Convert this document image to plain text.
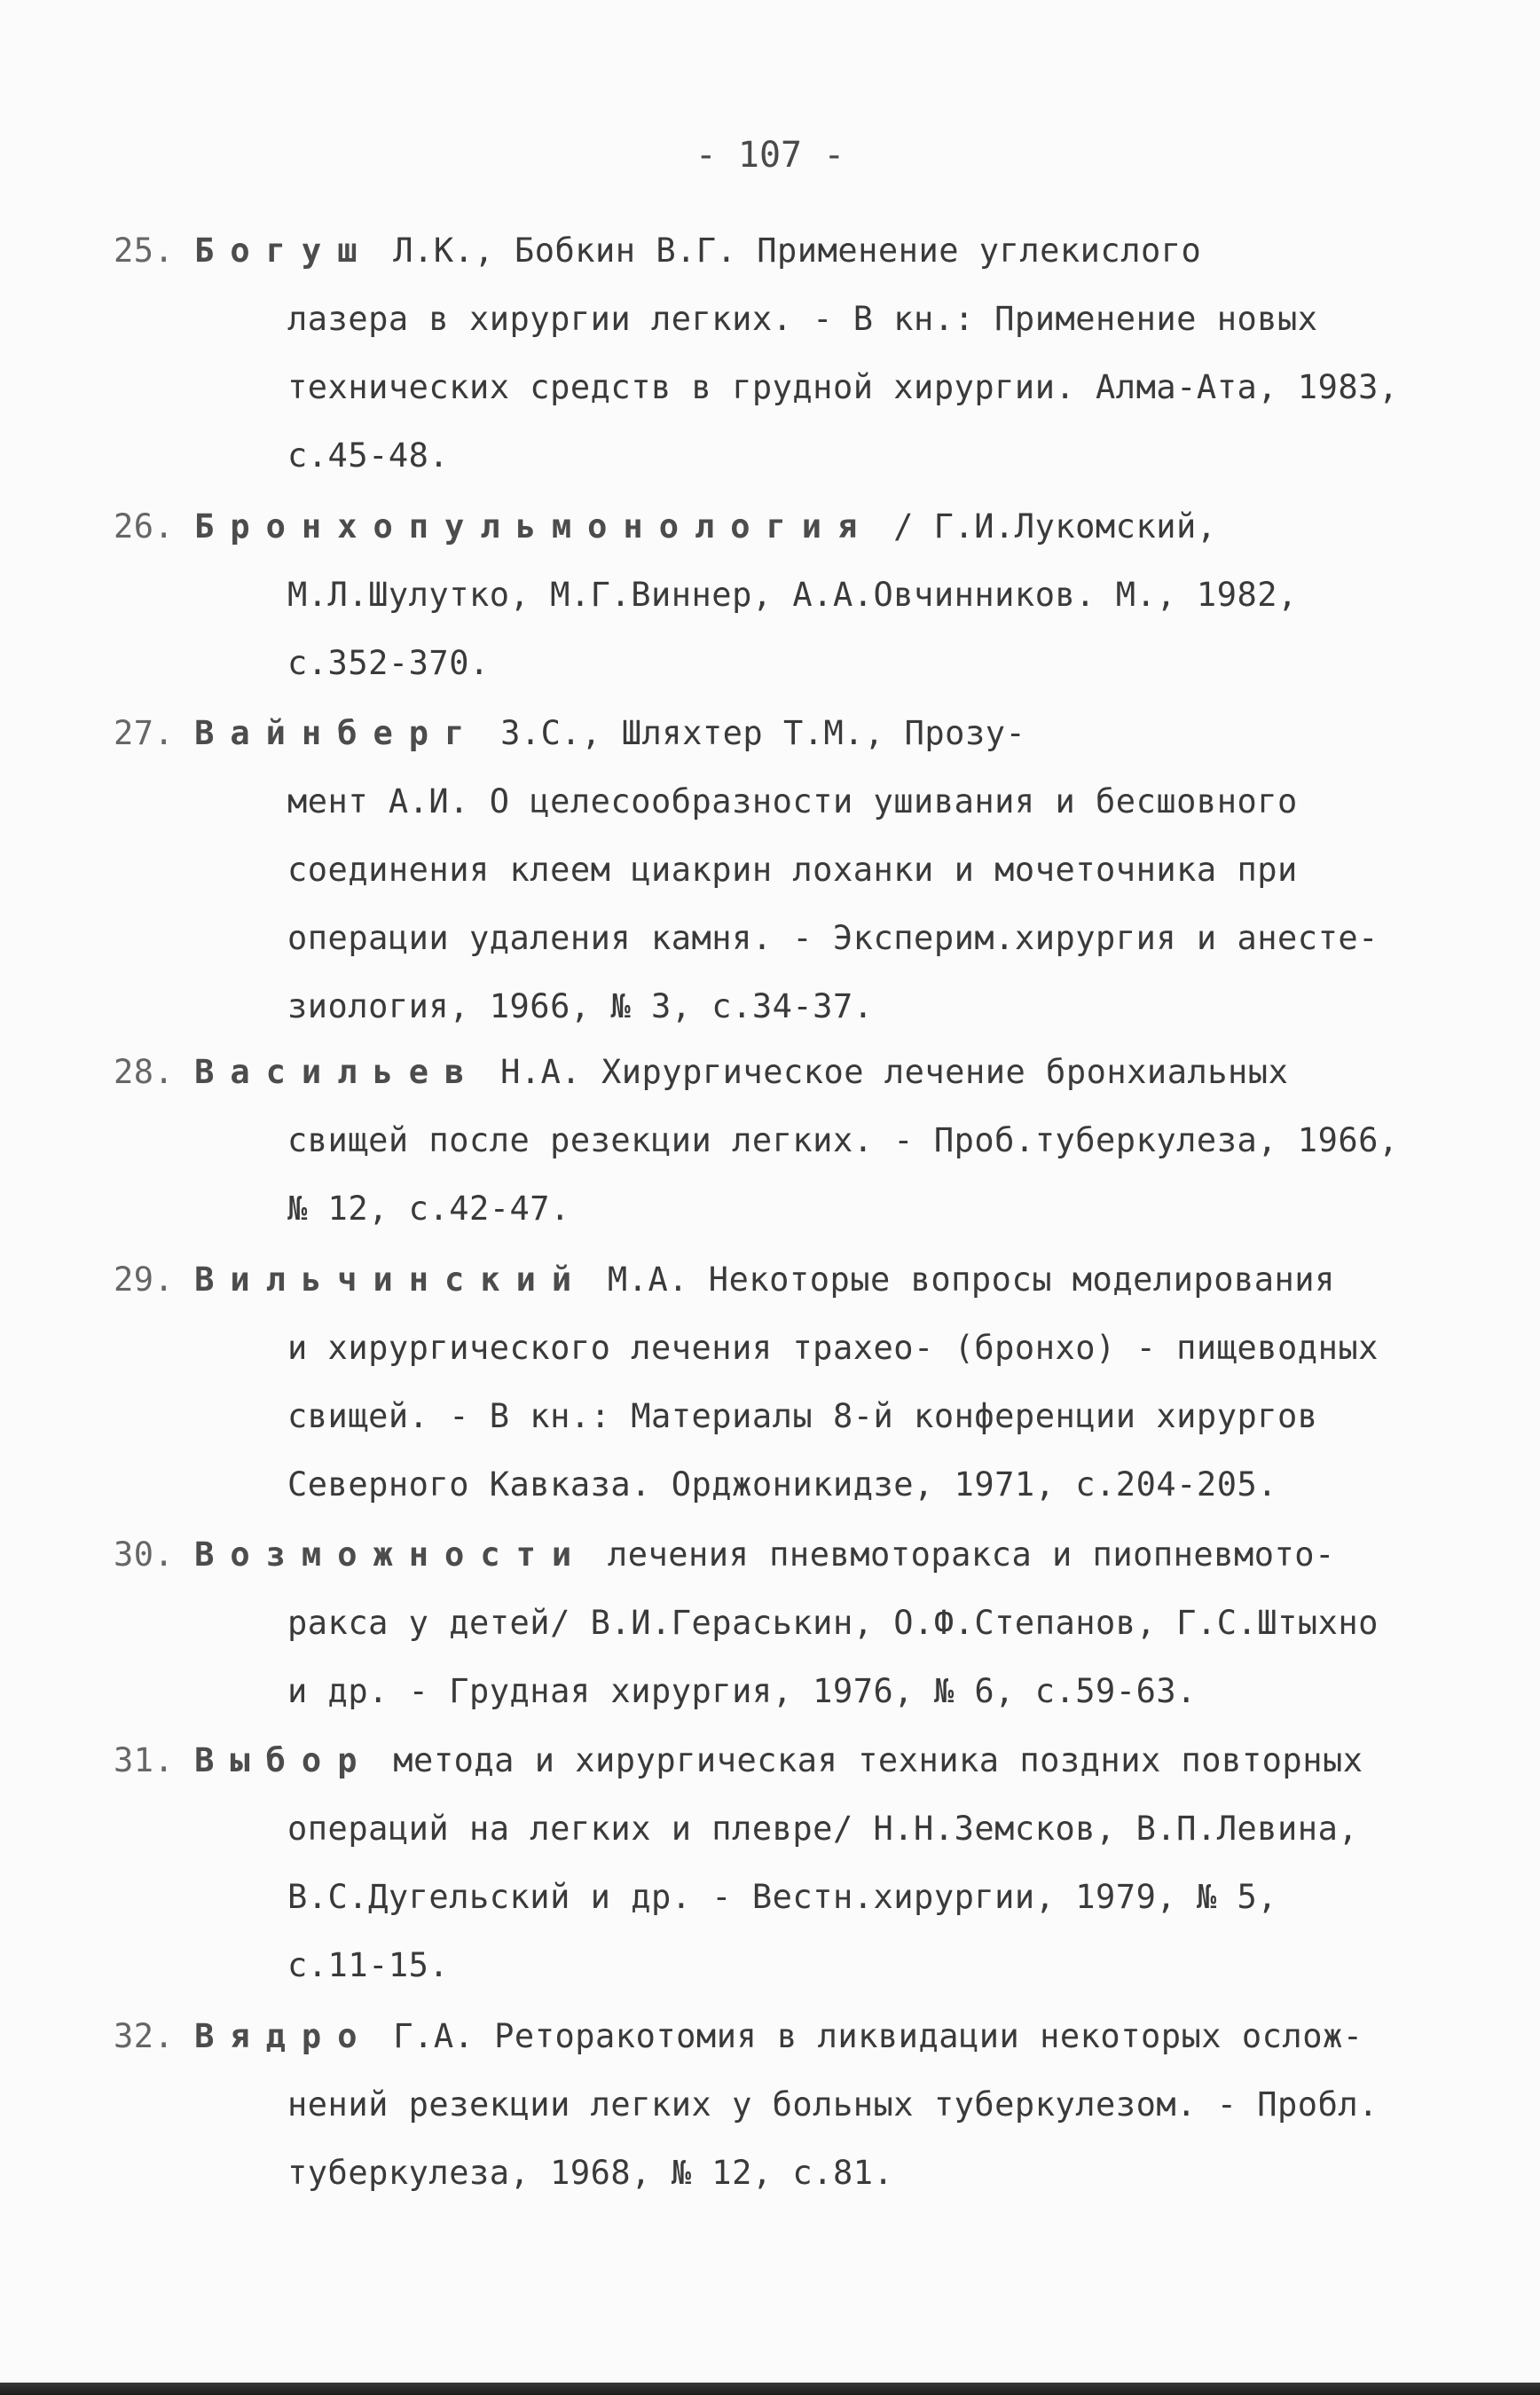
- 107 -
25. Богуш Л.К., Бобкин В.Г. Применение углекислого
лазера в хирургии легких. - В кн.: Применение новых
технических средств в грудной хирургии. Алма-Ата, 1983,
с.45-48.
26. Бронхопульмонология / Г.И.Лукомский,
М.Л.Шулутко, М.Г.Виннер, А.А.Овчинников. М., 1982,
с.352-370.
27. Вайнберг З.С., Шляхтер Т.М., Прозу-
мент А.И. О целесообразности ушивания и бесшовного
соединения клеем циакрин лоханки и мочеточника при
операции удаления камня. - Эксперим.хирургия и анесте-
зиология, 1966, № 3, с.34-37.
28. Васильев Н.А. Хирургическое лечение бронхиальных
свищей после резекции легких. - Проб.туберкулеза, 1966,
№ 12, с.42-47.
29. Вильчинский М.А. Некоторые вопросы моделирования
и хирургического лечения трахео- (бронхо) - пищеводных
свищей. - В кн.: Материалы 8-й конференции хирургов
Северного Кавказа. Орджоникидзе, 1971, с.204-205.
30. Возможности лечения пневмоторакса и пиопневмото-
ракса у детей/ В.И.Гераськин, О.Ф.Степанов, Г.С.Штыхно
и др. - Грудная хирургия, 1976, № 6, с.59-63.
31. Выбор метода и хирургическая техника поздних повторных
операций на легких и плевре/ Н.Н.Земсков, В.П.Левина,
В.С.Дугельский и др. - Вестн.хирургии, 1979, № 5,
с.11-15.
32. Вядро Г.А. Реторакотомия в ликвидации некоторых ослож-
нений резекции легких у больных туберкулезом. - Пробл.
туберкулеза, 1968, № 12, с.81.
